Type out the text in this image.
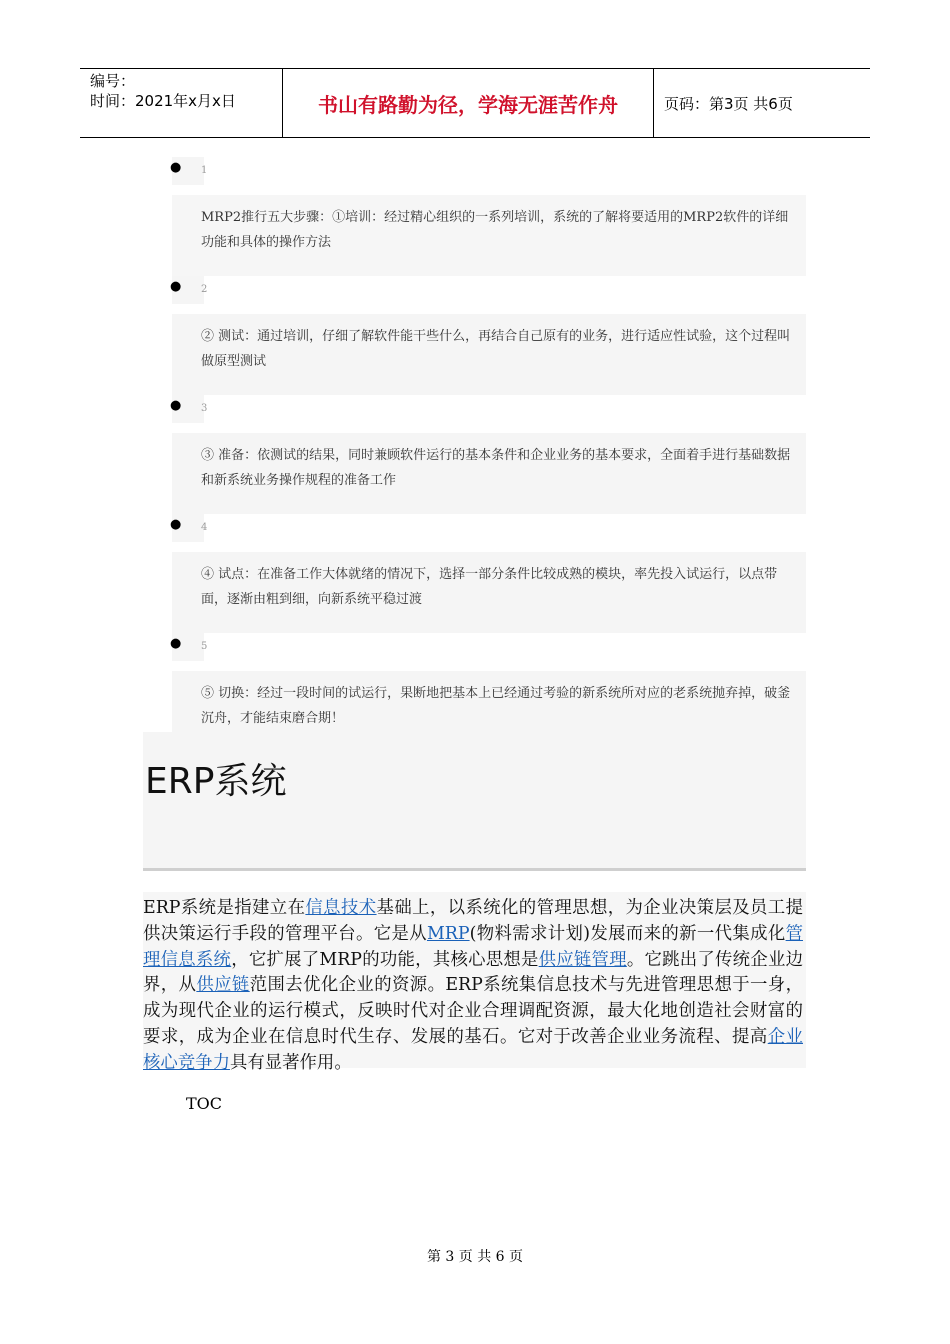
编号：
时间：2021年x月x日	书山有路勤为径，学海无涯苦作舟	页码：第3页 共6页
● 1
MRP2推行五大步骤：①培训：经过精心组织的一系列培训，系统的了解将要适用的MRP2软件的详细功能和具体的操作方法
● 2
② 测试：通过培训，仔细了解软件能干些什么，再结合自己原有的业务，进行适应性试验，这个过程叫做原型测试
● 3
③ 准备：依测试的结果，同时兼顾软件运行的基本条件和企业业务的基本要求，全面着手进行基础数据和新系统业务操作规程的准备工作
● 4
④ 试点：在准备工作大体就绪的情况下，选择一部分条件比较成熟的模块，率先投入试运行，以点带面，逐渐由粗到细，向新系统平稳过渡
● 5
⑤ 切换：经过一段时间的试运行，果断地把基本上已经通过考验的新系统所对应的老系统抛弃掉，破釜沉舟，才能结束磨合期！
ERP系统
ERP系统是指建立在信息技术基础上，以系统化的管理思想，为企业决策层及员工提供决策运行手段的管理平台。它是从MRP(物料需求计划)发展而来的新一代集成化管理信息系统，它扩展了MRP的功能，其核心思想是供应链管理。它跳出了传统企业边界，从供应链范围去优化企业的资源。ERP系统集信息技术与先进管理思想于一身，成为现代企业的运行模式，反映时代对企业合理调配资源，最大化地创造社会财富的要求，成为企业在信息时代生存、发展的基石。它对于改善企业业务流程、提高企业核心竞争力具有显著作用。
TOC
第 3 页 共 6 页
